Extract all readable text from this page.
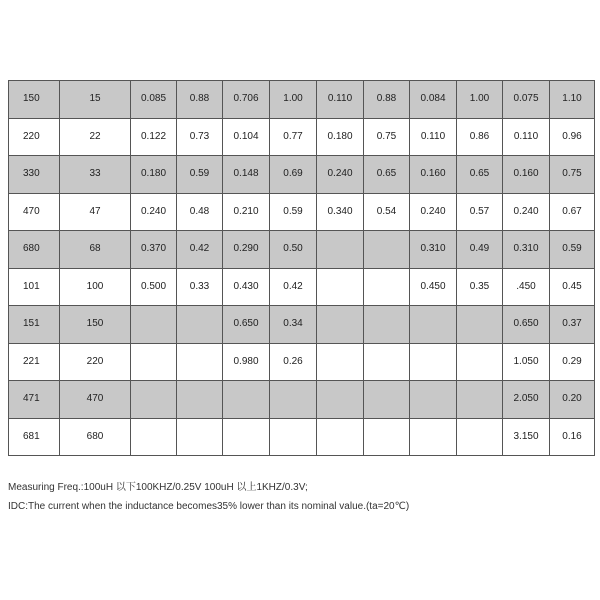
150	15	0.085	0.88	0.706	1.00	0.110	0.88	0.084	1.00	0.075	1.10
220	22	0.122	0.73	0.104	0.77	0.180	0.75	0.110	0.86	0.110	0.96
330	33	0.180	0.59	0.148	0.69	0.240	0.65	0.160	0.65	0.160	0.75
470	47	0.240	0.48	0.210	0.59	0.340	0.54	0.240	0.57	0.240	0.67
680	68	0.370	0.42	0.290	0.50			0.310	0.49	0.310	0.59
101	100	0.500	0.33	0.430	0.42			0.450	0.35	.450	0.45
151	150			0.650	0.34					0.650	0.37
221	220			0.980	0.26					1.050	0.29
471	470									2.050	0.20
681	680									3.150	0.16
Measuring Freq.:100uH 以下100KHZ/0.25V 100uH 以上1KHZ/0.3V;
IDC:The current when the inductance becomes35% lower than its nominal value.(ta=20℃)
